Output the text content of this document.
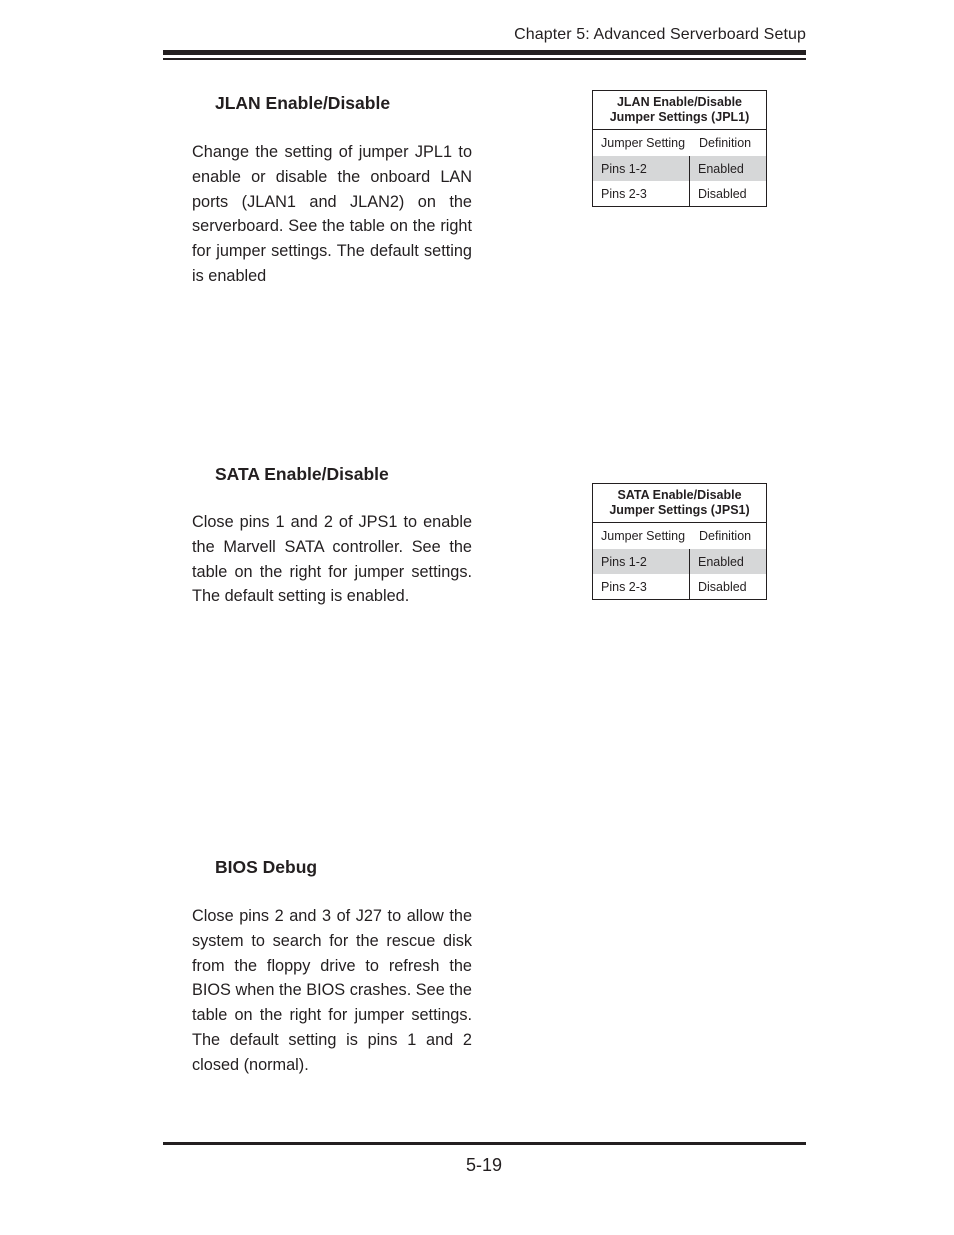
Chapter 5: Advanced Serverboard Setup
JLAN Enable/Disable
Change the setting of jumper JPL1 to enable or disable the onboard LAN ports (JLAN1 and JLAN2) on the serverboard. See the table on the right for jumper settings. The default setting is enabled
JLAN Enable/Disable
Jumper Settings (JPL1)
Jumper Setting	Definition
Pins 1-2	Enabled
Pins 2-3	Disabled
SATA Enable/Disable
Close pins 1 and 2 of JPS1 to enable the Marvell SATA controller. See the table on the right for jumper settings. The default setting is enabled.
SATA Enable/Disable
Jumper Settings (JPS1)
Jumper Setting	Definition
Pins 1-2	Enabled
Pins 2-3	Disabled
BIOS Debug
Close pins 2 and 3 of J27 to allow the system to search for the rescue disk from the floppy drive to refresh the BIOS when the BIOS crashes. See the table on the right for jumper settings. The default setting is pins 1 and 2 closed (normal).
5-19
